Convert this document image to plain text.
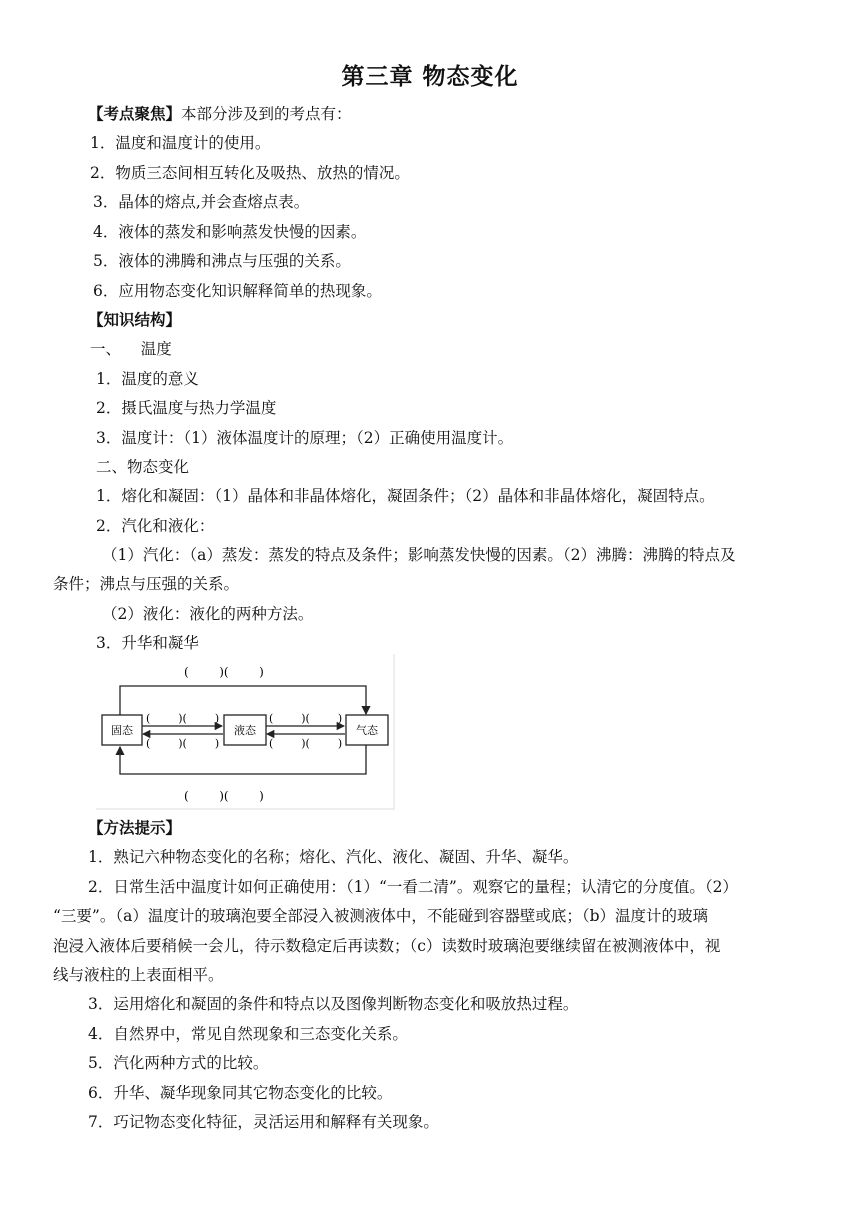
第三章 物态变化
【考点聚焦】本部分涉及到的考点有：
1．温度和温度计的使用。
2．物质三态间相互转化及吸热、放热的情况。
3．晶体的熔点,并会查熔点表。
4．液体的蒸发和影响蒸发快慢的因素。
5．液体的沸腾和沸点与压强的关系。
6．应用物态变化知识解释简单的热现象。
【知识结构】
一、    温度
1．温度的意义
2．摄氏温度与热力学温度
3．温度计：（1）液体温度计的原理；（2）正确使用温度计。
二、物态变化
1．熔化和凝固：（1）晶体和非晶体熔化，凝固条件；（2）晶体和非晶体熔化，凝固特点。
2．汽化和液化：
（1）汽化：（a）蒸发：蒸发的特点及条件；影响蒸发快慢的因素。（2）沸腾：沸腾的特点及
条件；沸点与压强的关系。
（2）液化：液化的两种方法。
3．升华和凝华
固态	液态	气态
(        )(        )
(        )(        )
(        )(        )
(        )(        )
(        )(        )
(        )(        )
【方法提示】
1．熟记六种物态变化的名称；熔化、汽化、液化、凝固、升华、凝华。
2．日常生活中温度计如何正确使用：（1）“一看二清”。观察它的量程；认清它的分度值。（2）
“三要”。（a）温度计的玻璃泡要全部浸入被测液体中，不能碰到容器壁或底；（b）温度计的玻璃
泡浸入液体后要稍候一会儿，待示数稳定后再读数；（c）读数时玻璃泡要继续留在被测液体中，视
线与液柱的上表面相平。
3．运用熔化和凝固的条件和特点以及图像判断物态变化和吸放热过程。
4．自然界中，常见自然现象和三态变化关系。
5．汽化两种方式的比较。
6．升华、凝华现象同其它物态变化的比较。
7．巧记物态变化特征，灵活运用和解释有关现象。
